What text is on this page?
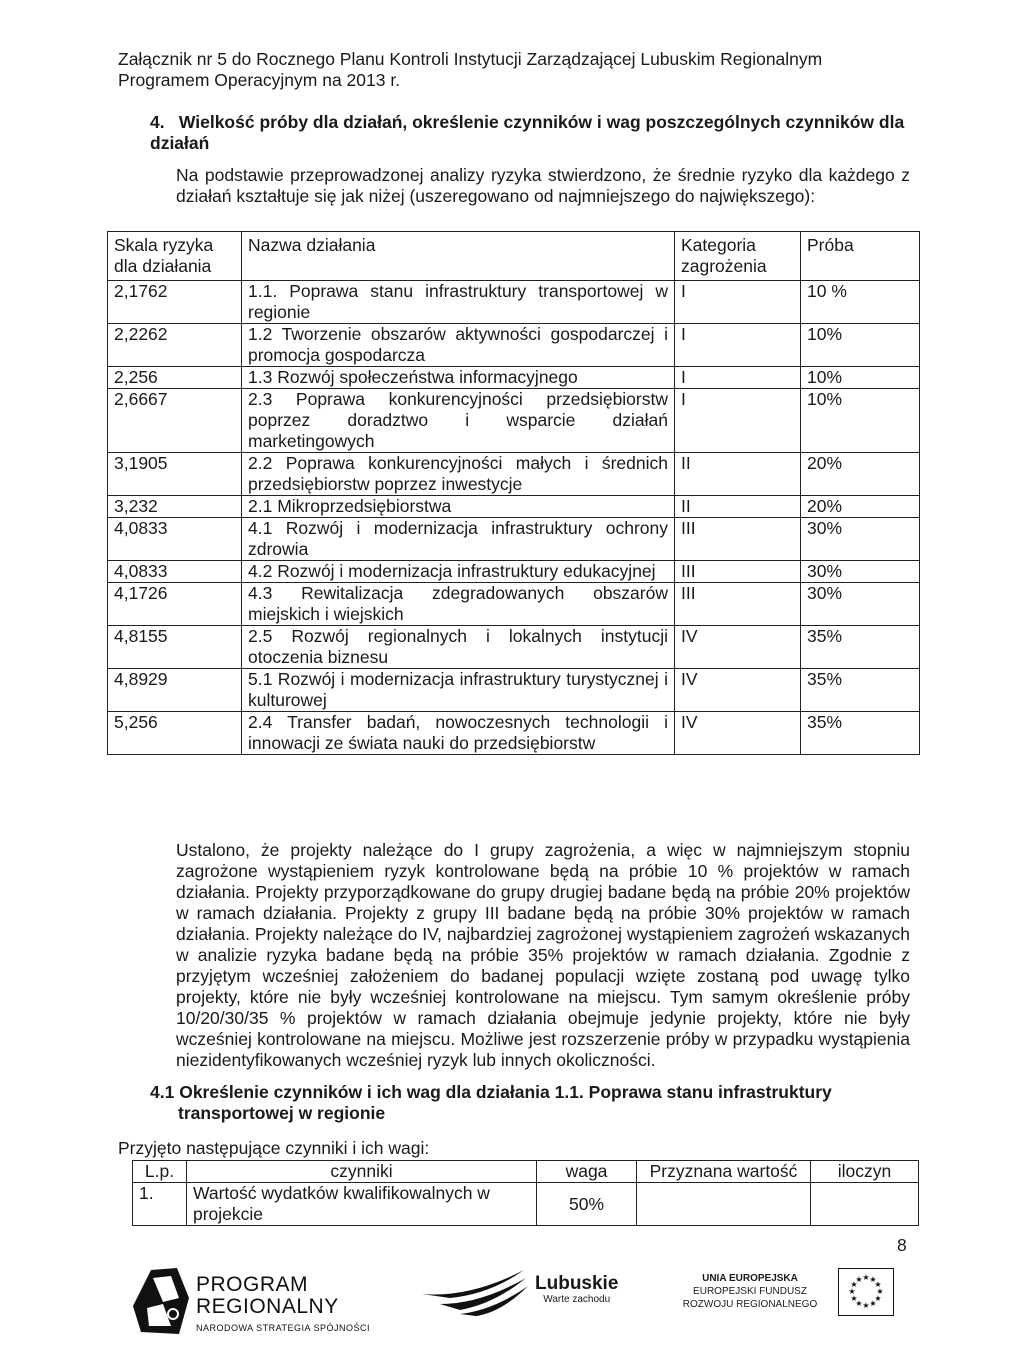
Załącznik nr 5 do Rocznego Planu Kontroli Instytucji Zarządzającej Lubuskim Regionalnym Programem Operacyjnym na 2013 r.
4. Wielkość próby dla działań, określenie czynników i wag poszczególnych czynników dla działań

Na podstawie przeprowadzonej analizy ryzyka stwierdzono, że średnie ryzyko dla każdego z działań kształtuje się jak niżej (uszeregowano od najmniejszego do największego):

Skala ryzyka dla działania	Nazwa działania	Kategoria zagrożenia	Próba
2,1762	1.1. Poprawa stanu infrastruktury transportowej w regionie	I	10 %
2,2262	1.2 Tworzenie obszarów aktywności gospodarczej i promocja gospodarcza	I	10%
2,256	1.3 Rozwój społeczeństwa informacyjnego	I	10%
2,6667	2.3 Poprawa konkurencyjności przedsiębiorstw poprzez doradztwo i wsparcie działań marketingowych	I	10%
3,1905	2.2 Poprawa konkurencyjności małych i średnich przedsiębiorstw poprzez inwestycje	II	20%
3,232	2.1 Mikroprzedsiębiorstwa	II	20%
4,0833	4.1 Rozwój i modernizacja infrastruktury ochrony zdrowia	III	30%
4,0833	4.2 Rozwój i modernizacja infrastruktury edukacyjnej	III	30%
4,1726	4.3 Rewitalizacja zdegradowanych obszarów miejskich i wiejskich	III	30%
4,8155	2.5 Rozwój regionalnych i lokalnych instytucji otoczenia biznesu	IV	35%
4,8929	5.1 Rozwój i modernizacja infrastruktury turystycznej i kulturowej	IV	35%
5,256	2.4 Transfer badań, nowoczesnych technologii i innowacji ze świata nauki do przedsiębiorstw	IV	35%
Ustalono, że projekty należące do I grupy zagrożenia, a więc w najmniejszym stopniu zagrożone wystąpieniem ryzyk kontrolowane będą na próbie 10 % projektów w ramach działania. Projekty przyporządkowane do grupy drugiej badane będą na próbie 20% projektów w ramach działania. Projekty z grupy III badane będą na próbie 30% projektów w ramach działania. Projekty należące do IV, najbardziej zagrożonej wystąpieniem zagrożeń wskazanych w analizie ryzyka badane będą na próbie 35% projektów w ramach działania. Zgodnie z przyjętym wcześniej założeniem do badanej populacji wzięte zostaną pod uwagę tylko projekty, które nie były wcześniej kontrolowane na miejscu. Tym samym określenie próby 10/20/30/35 % projektów w ramach działania obejmuje jedynie projekty, które nie były wcześniej kontrolowane na miejscu. Możliwe jest rozszerzenie próby w przypadku wystąpienia niezidentyfikowanych wcześniej ryzyk lub innych okoliczności.
4.1 Określenie czynników i ich wag dla działania 1.1. Poprawa stanu infrastruktury
transportowej w regionie
Przyjęto następujące czynniki i ich wagi:
L.p.	czynniki	waga	Przyznana wartość	iloczyn
1.	Wartość wydatków kwalifikowalnych w projekcie	50%		
8
PROGRAM
REGIONALNY
NARODOWA STRATEGIA SPÓJNOŚCI
Lubuskie
Warte zachodu
UNIA EUROPEJSKA
EUROPEJSKI FUNDUSZ
ROZWOJU REGIONALNEGO
★ ★
★
★
★
★
★
★
★
★
★
★
